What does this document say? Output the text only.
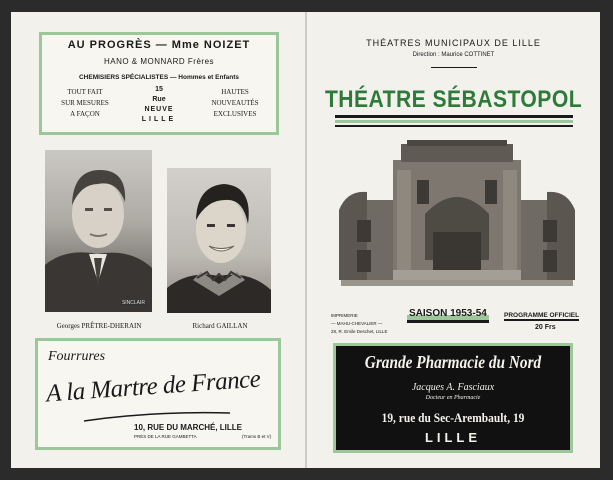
AU PROGRÈS — Mme NOIZET
HANO & MONNARD Frères
CHEMISIERS SPÉCIALISTES — Hommes et Enfants
TOUT FAIT
SUR MESURES
A FAÇON
15
Rue
NEUVE
LILLE
HAUTES
NOUVEAUTÉS
EXCLUSIVES
SINCLAIR
Georges PRÊTRE-DHERAIN	Richard GAILLAN
Fourrures
A la Martre de France
10, RUE DU MARCHÉ, LILLE
PRÈS DE LA RUE GAMBETTA	(Trams B et V)
THÉATRES MUNICIPAUX DE LILLE
Direction : Maurice COTTINET
THÉATRE SÉBASTOPOL
IMPRIMERIE
— MAHU-CHEVALIER —
28, R. Emile Deschet, LILLE
SAISON 1953-54	PROGRAMME OFFICIEL
20 Frs
Grande Pharmacie du Nord
Jacques A. Fasciaux
Docteur en Pharmacie
19, rue du Sec-Arembault, 19
LILLE
